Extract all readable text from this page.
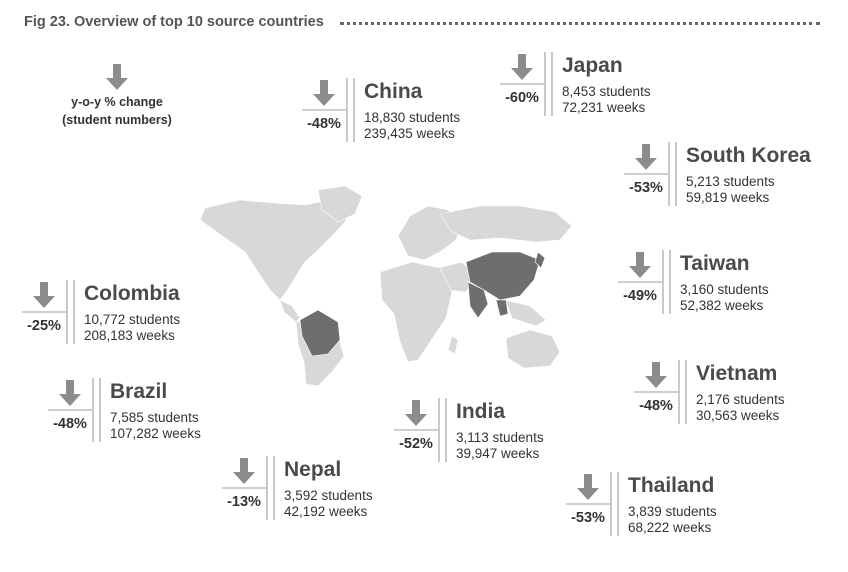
Fig 23. Overview of top 10 source countries
y-o-y % change
(student numbers)	-48%
China
18,830 students
239,435 weeks
-60%
Japan
8,453 students
72,231 weeks
-53%
South Korea
5,213 students
59,819 weeks
-49%
Taiwan
3,160 students
52,382 weeks
-25%
Colombia
10,772 students
208,183 weeks
-48%
Vietnam
2,176 students
30,563 weeks
-48%
Brazil
7,585 students
107,282 weeks
-52%
India
3,113 students
39,947 weeks
-13%
Nepal
3,592 students
42,192 weeks	-53%
Thailand
3,839 students
68,222 weeks
